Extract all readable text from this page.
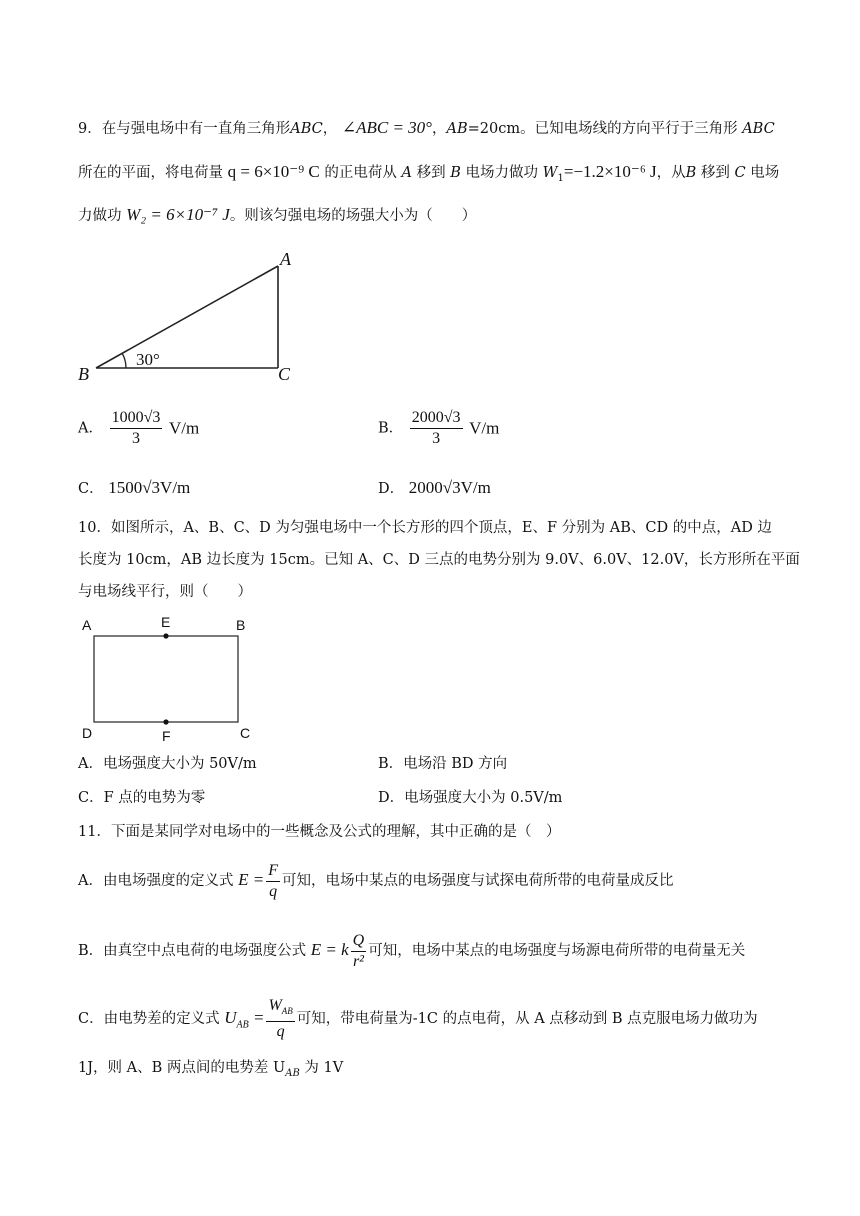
9．在与强电场中有一直角三角形ABC， ∠ABC = 30°，AB=20cm。已知电场线的方向平行于三角形 ABC
所在的平面，将电荷量 q = 6×10⁻⁹ C 的正电荷从 A 移到 B 电场力做功 $W_1=-1.2\times 10^{-6}$ J，从B 移到 C 电场
力做功 W₂ = 6×10⁻⁷ J。则该匀强电场的场强大小为（　　）
30°
A
B	C
A． $\frac{1000√3}{3} V/m$	B． $\frac{2000√3}{3} V/m$
C． 1500√3V/m	D． 2000√3V/m
10．如图所示，A、B、C、D 为匀强电场中一个长方形的四个顶点，E、F 分别为 AB、CD 的中点，AD 边
长度为 10cm，AB 边长度为 15cm。已知 A、C、D 三点的电势分别为 9.0V、6.0V、12.0V，长方形所在平面
与电场线平行，则（　　）
A	E	B
D	F	C
A．电场强度大小为 50V/m	B．电场沿 BD 方向
C．F 点的电势为零	D．电场强度大小为 0.5V/m
11．下面是某同学对电场中的一些概念及公式的理解，其中正确的是（　）
A．由电场强度的定义式 $E = \frac{F}{q}$ 可知，电场中某点的电场强度与试探电荷所带的电荷量成反比
B．由真空中点电荷的电场强度公式 E = k $\frac{Q}{\text{r²}}$ 可知，电场中某点的电场强度与场源电荷所带的电荷量无关
C．由电势差的定义式 $U_{AB} = \frac{W_{AB}}{q}$ 可知，带电荷量为-1C 的点电荷，从 A 点移动到 B 点克服电场力做功为
1J，则 A、B 两点间的电势差 $U_{AB}$ 为 1V
